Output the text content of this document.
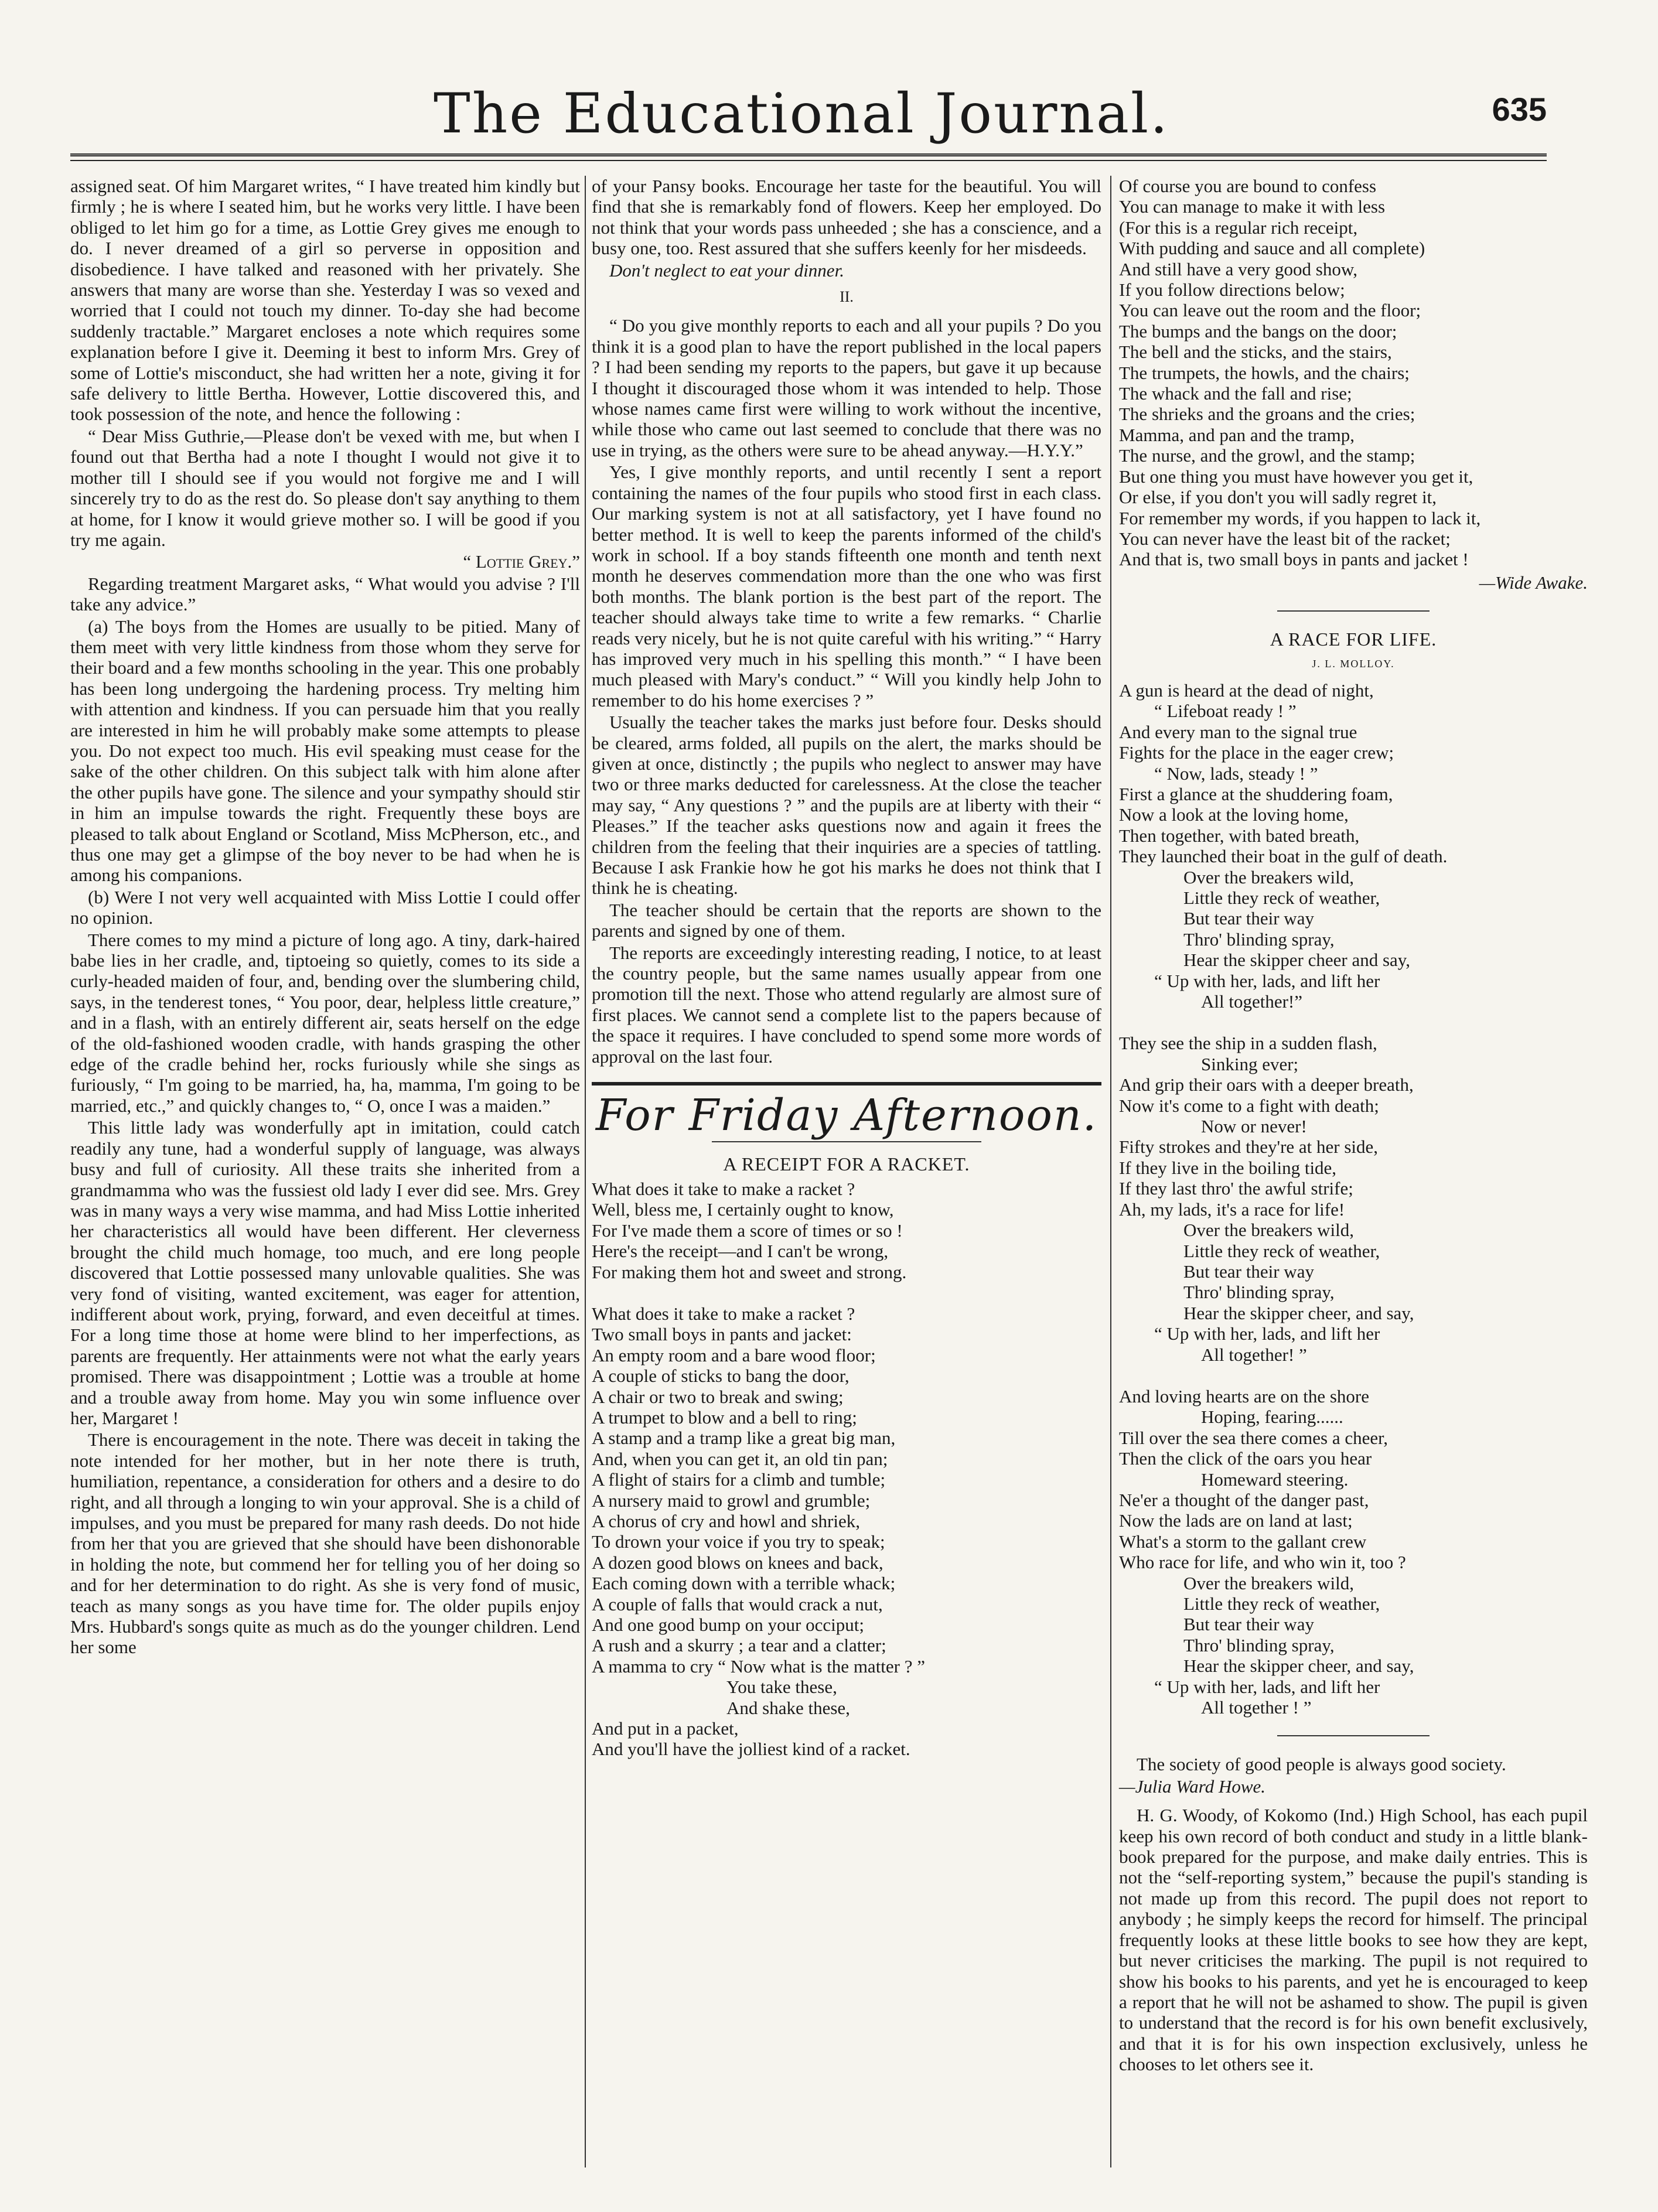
The Educational Journal.	635

assigned seat. Of him Margaret writes, “ I have treated him kindly but firmly ; he is where I seated him, but he works very little. I have been obliged to let him go for a time, as Lottie Grey gives me enough to do. I never dreamed of a girl so perverse in opposition and disobedience. I have talked and reasoned with her privately. She answers that many are worse than she. Yesterday I was so vexed and worried that I could not touch my dinner. To-day she had become suddenly tractable.” Margaret encloses a note which requires some explanation before I give it. Deeming it best to inform Mrs. Grey of some of Lottie's misconduct, she had written her a note, giving it for safe delivery to little Bertha. However, Lottie discovered this, and took possession of the note, and hence the following :

“ Dear Miss Guthrie,—Please don't be vexed with me, but when I found out that Bertha had a note I thought I would not give it to mother till I should see if you would not forgive me and I will sincerely try to do as the rest do. So please don't say anything to them at home, for I know it would grieve mother so. I will be good if you try me again.

“ Lottie Grey.”

Regarding treatment Margaret asks, “ What would you advise ? I'll take any advice.”

(a) The boys from the Homes are usually to be pitied. Many of them meet with very little kindness from those whom they serve for their board and a few months schooling in the year. This one probably has been long undergoing the hardening process. Try melting him with attention and kindness. If you can persuade him that you really are interested in him he will probably make some attempts to please you. Do not expect too much. His evil speaking must cease for the sake of the other children. On this subject talk with him alone after the other pupils have gone. The silence and your sympathy should stir in him an impulse towards the right. Frequently these boys are pleased to talk about England or Scotland, Miss McPherson, etc., and thus one may get a glimpse of the boy never to be had when he is among his companions.

(b) Were I not very well acquainted with Miss Lottie I could offer no opinion.

There comes to my mind a picture of long ago. A tiny, dark-haired babe lies in her cradle, and, tiptoeing so quietly, comes to its side a curly-headed maiden of four, and, bending over the slumbering child, says, in the tenderest tones, “ You poor, dear, helpless little creature,” and in a flash, with an entirely different air, seats herself on the edge of the old-fashioned wooden cradle, with hands grasping the other edge of the cradle behind her, rocks furiously while she sings as furiously, “ I'm going to be married, ha, ha, mamma, I'm going to be married, etc.,” and quickly changes to, “ O, once I was a maiden.”

This little lady was wonderfully apt in imitation, could catch readily any tune, had a wonderful supply of language, was always busy and full of curiosity. All these traits she inherited from a grandmamma who was the fussiest old lady I ever did see. Mrs. Grey was in many ways a very wise mamma, and had Miss Lottie inherited her characteristics all would have been different. Her cleverness brought the child much homage, too much, and ere long people discovered that Lottie possessed many unlovable qualities. She was very fond of visiting, wanted excitement, was eager for attention, indifferent about work, prying, forward, and even deceitful at times. For a long time those at home were blind to her imperfections, as parents are frequently. Her attainments were not what the early years promised. There was disappointment ; Lottie was a trouble at home and a trouble away from home. May you win some influence over her, Margaret !

There is encouragement in the note. There was deceit in taking the note intended for her mother, but in her note there is truth, humiliation, repentance, a consideration for others and a desire to do right, and all through a longing to win your approval. She is a child of impulses, and you must be prepared for many rash deeds. Do not hide from her that you are grieved that she should have been dishonorable in holding the note, but commend her for telling you of her doing so and for her determination to do right. As she is very fond of music, teach as many songs as you have time for. The older pupils enjoy Mrs. Hubbard's songs quite as much as do the younger children. Lend her some

of your Pansy books. Encourage her taste for the beautiful. You will find that she is remarkably fond of flowers. Keep her employed. Do not think that your words pass unheeded ; she has a conscience, and a busy one, too. Rest assured that she suffers keenly for her misdeeds.

Don't neglect to eat your dinner.

II.

“ Do you give monthly reports to each and all your pupils ? Do you think it is a good plan to have the report published in the local papers ? I had been sending my reports to the papers, but gave it up because I thought it discouraged those whom it was intended to help. Those whose names came first were willing to work without the incentive, while those who came out last seemed to conclude that there was no use in trying, as the others were sure to be ahead anyway.—H.Y.Y.”

Yes, I give monthly reports, and until recently I sent a report containing the names of the four pupils who stood first in each class. Our marking system is not at all satisfactory, yet I have found no better method. It is well to keep the parents informed of the child's work in school. If a boy stands fifteenth one month and tenth next month he deserves commendation more than the one who was first both months. The blank portion is the best part of the report. The teacher should always take time to write a few remarks. “ Charlie reads very nicely, but he is not quite careful with his writing.” “ Harry has improved very much in his spelling this month.” “ I have been much pleased with Mary's conduct.” “ Will you kindly help John to remember to do his home exercises ? ”

Usually the teacher takes the marks just before four. Desks should be cleared, arms folded, all pupils on the alert, the marks should be given at once, distinctly ; the pupils who neglect to answer may have two or three marks deducted for carelessness. At the close the teacher may say, “ Any questions ? ” and the pupils are at liberty with their “ Pleases.” If the teacher asks questions now and again it frees the children from the feeling that their inquiries are a species of tattling. Because I ask Frankie how he got his marks he does not think that I think he is cheating.

The teacher should be certain that the reports are shown to the parents and signed by one of them.

The reports are exceedingly interesting reading, I notice, to at least the country people, but the same names usually appear from one promotion till the next. Those who attend regularly are almost sure of first places. We cannot send a complete list to the papers because of the space it requires. I have concluded to spend some more words of approval on the last four.

For Friday Afternoon.
A RECEIPT FOR A RACKET.
What does it take to make a racket ?
Well, bless me, I certainly ought to know,
For I've made them a score of times or so !
Here's the receipt—and I can't be wrong,
For making them hot and sweet and strong.
What does it take to make a racket ?
Two small boys in pants and jacket:
An empty room and a bare wood floor;
A couple of sticks to bang the door,
A chair or two to break and swing;
A trumpet to blow and a bell to ring;
A stamp and a tramp like a great big man,
And, when you can get it, an old tin pan;
A flight of stairs for a climb and tumble;
A nursery maid to growl and grumble;
A chorus of cry and howl and shriek,
To drown your voice if you try to speak;
A dozen good blows on knees and back,
Each coming down with a terrible whack;
A couple of falls that would crack a nut,
And one good bump on your occiput;
A rush and a skurry ; a tear and a clatter;
A mamma to cry “ Now what is the matter ? ”
You take these,
And shake these,
And put in a packet,
And you'll have the jolliest kind of a racket.
Of course you are bound to confess
You can manage to make it with less
(For this is a regular rich receipt,
With pudding and sauce and all complete)
And still have a very good show,
If you follow directions below;
You can leave out the room and the floor;
The bumps and the bangs on the door;
The bell and the sticks, and the stairs,
The trumpets, the howls, and the chairs;
The whack and the fall and rise;
The shrieks and the groans and the cries;
Mamma, and pan and the tramp,
The nurse, and the growl, and the stamp;
But one thing you must have however you get it,
Or else, if you don't you will sadly regret it,
For remember my words, if you happen to lack it,
You can never have the least bit of the racket;
And that is, two small boys in pants and jacket !

—Wide Awake.

A RACE FOR LIFE.
J. L. MOLLOY.
A gun is heard at the dead of night,
“ Lifeboat ready ! ”
And every man to the signal true
Fights for the place in the eager crew;
“ Now, lads, steady ! ”
First a glance at the shuddering foam,
Now a look at the loving home,
Then together, with bated breath,
They launched their boat in the gulf of death.
Over the breakers wild,
Little they reck of weather,
But tear their way
Thro' blinding spray,
Hear the skipper cheer and say,
“ Up with her, lads, and lift her
All together!”
They see the ship in a sudden flash,
Sinking ever;
And grip their oars with a deeper breath,
Now it's come to a fight with death;
Now or never!
Fifty strokes and they're at her side,
If they live in the boiling tide,
If they last thro' the awful strife;
Ah, my lads, it's a race for life!
Over the breakers wild,
Little they reck of weather,
But tear their way
Thro' blinding spray,
Hear the skipper cheer, and say,
“ Up with her, lads, and lift her
All together! ”
And loving hearts are on the shore
Hoping, fearing......
Till over the sea there comes a cheer,
Then the click of the oars you hear
Homeward steering.
Ne'er a thought of the danger past,
Now the lads are on land at last;
What's a storm to the gallant crew
Who race for life, and who win it, too ?
Over the breakers wild,
Little they reck of weather,
But tear their way
Thro' blinding spray,
Hear the skipper cheer, and say,
“ Up with her, lads, and lift her
All together ! ”

The society of good people is always good society.

—Julia Ward Howe.

H. G. Woody, of Kokomo (Ind.) High School, has each pupil keep his own record of both conduct and study in a little blank-book prepared for the purpose, and make daily entries. This is not the “self-reporting system,” because the pupil's standing is not made up from this record. The pupil does not report to anybody ; he simply keeps the record for himself. The principal frequently looks at these little books to see how they are kept, but never criticises the marking. The pupil is not required to show his books to his parents, and yet he is encouraged to keep a report that he will not be ashamed to show. The pupil is given to understand that the record is for his own benefit exclusively, and that it is for his own inspection exclusively, unless he chooses to let others see it.
